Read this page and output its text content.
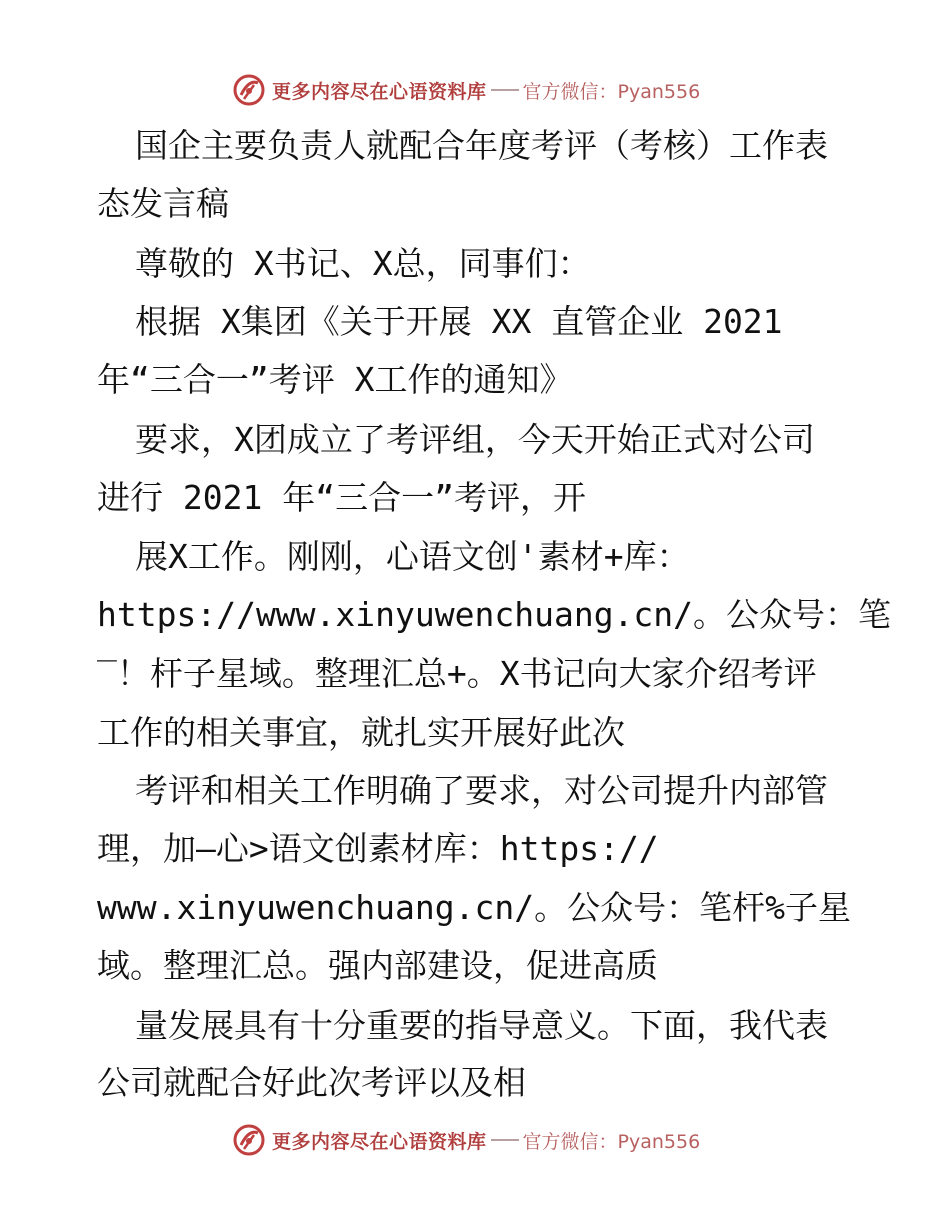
更多内容尽在心语资料库 官方微信：Pyan556
国企主要负责人就配合年度考评（考核）工作表
态发言稿
尊敬的 X书记、X总，同事们：
根据 X集团《关于开展 XX 直管企业 2021
年“三合一”考评 X工作的通知》
要求，X团成立了考评组，今天开始正式对公司
进行 2021 年“三合一”考评，开
展X工作。刚刚，心语文创'素材+库：
https://www.xinyuwenchuang.cn/。公众号：笔
‾！杆子星域。整理汇总+。X书记向大家介绍考评
工作的相关事宜，就扎实开展好此次
考评和相关工作明确了要求，对公司提升内部管
理，加—心>语文创素材库：https://
www.xinyuwenchuang.cn/。公众号：笔杆%子星
域。整理汇总。强内部建设，促进高质
量发展具有十分重要的指导意义。下面，我代表
公司就配合好此次考评以及相
更多内容尽在心语资料库 官方微信：Pyan556
